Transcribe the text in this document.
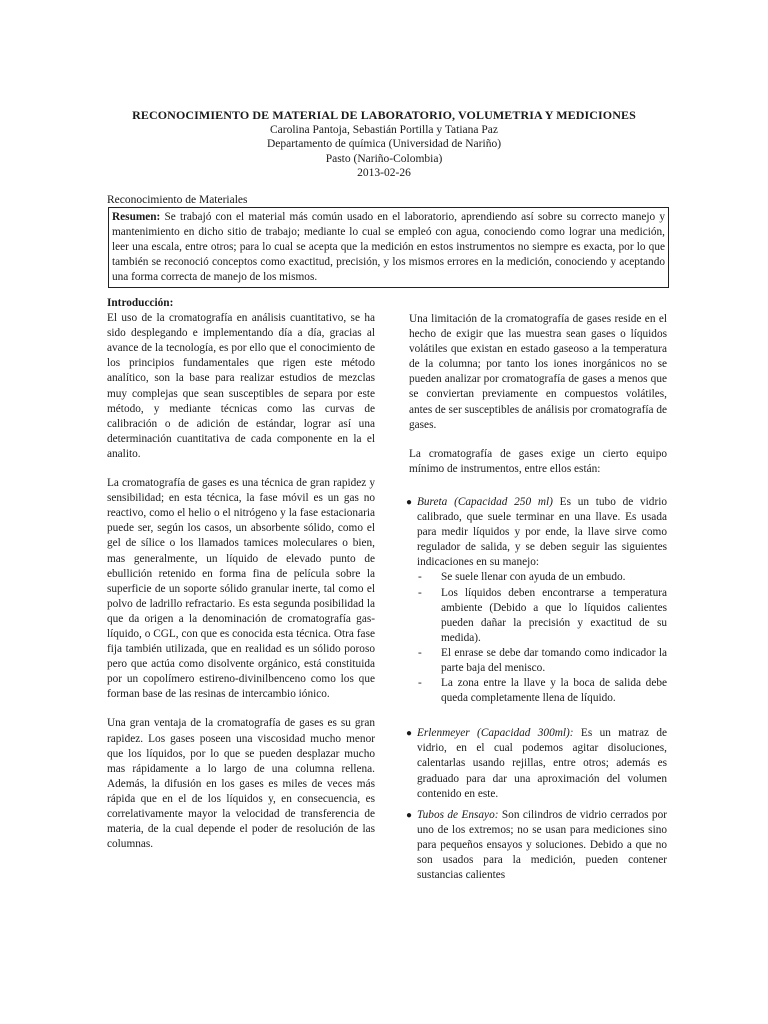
RECONOCIMIENTO DE MATERIAL DE LABORATORIO, VOLUMETRIA Y MEDICIONES
Carolina Pantoja, Sebastián Portilla y Tatiana Paz
Departamento de química (Universidad de Nariño)
Pasto (Nariño-Colombia)
2013-02-26
Reconocimiento de Materiales
Resumen: Se trabajó con el material más común usado en el laboratorio, aprendiendo así sobre su correcto manejo y mantenimiento en dicho sitio de trabajo; mediante lo cual se empleó con agua, conociendo como lograr una medición, leer una escala, entre otros; para lo cual se acepta que la medición en estos instrumentos no siempre es exacta, por lo que también se reconoció conceptos como exactitud, precisión, y los mismos errores en la medición, conociendo y aceptando una forma correcta de manejo de los mismos.
Introducción:

El uso de la cromatografía en análisis cuantitativo, se ha sido desplegando e implementando día a día, gracias al avance de la tecnología, es por ello que el conocimiento de los principios fundamentales que rigen este método analítico, son la base para realizar estudios de mezclas muy complejas que sean susceptibles de separa por este método, y mediante técnicas como las curvas de calibración o de adición de estándar, lograr así una determinación cuantitativa de cada componente en la el analito.

La cromatografía de gases es una técnica de gran rapidez y sensibilidad; en esta técnica, la fase móvil es un gas no reactivo, como el helio o el nitrógeno y la fase estacionaria puede ser, según los casos, un absorbente sólido, como el gel de sílice o los llamados tamices moleculares o bien, mas generalmente, un líquido de elevado punto de ebullición retenido en forma fina de película sobre la superficie de un soporte sólido granular inerte, tal como el polvo de ladrillo refractario. Es esta segunda posibilidad la que da origen a la denominación de cromatografía gas-líquido, o CGL, con que es conocida esta técnica. Otra fase fija también utilizada, que en realidad es un sólido poroso pero que actúa como disolvente orgánico, está constituida por un copolímero estireno-divinilbenceno como los que forman base de las resinas de intercambio iónico.

Una gran ventaja de la cromatografía de gases es su gran rapidez. Los gases poseen una viscosidad mucho menor que los líquidos, por lo que se pueden desplazar mucho mas rápidamente a lo largo de una columna rellena. Además, la difusión en los gases es miles de veces más rápida que en el de los líquidos y, en consecuencia, es correlativamente mayor la velocidad de transferencia de materia, de la cual depende el poder de resolución de las columnas.

Una limitación de la cromatografía de gases reside en el hecho de exigir que las muestra sean gases o líquidos volátiles que existan en estado gaseoso a la temperatura de la columna; por tanto los iones inorgánicos no se pueden analizar por cromatografía de gases a menos que se conviertan previamente en compuestos volátiles, antes de ser susceptibles de análisis por cromatografía de gases.

La cromatografía de gases exige un cierto equipo mínimo de instrumentos, entre ellos están:

● Bureta (Capacidad 250 ml) Es un tubo de vidrio calibrado, que suele terminar en una llave. Es usada para medir líquidos y por ende, la llave sirve como regulador de salida, y se deben seguir las siguientes indicaciones en su manejo:
- Se suele llenar con ayuda de un embudo.
- Los líquidos deben encontrarse a temperatura ambiente (Debido a que lo líquidos calientes pueden dañar la precisión y exactitud de su medida).
- El enrase se debe dar tomando como indicador la parte baja del menisco.
- La zona entre la llave y la boca de salida debe queda completamente llena de líquido.
● Erlenmeyer (Capacidad 300ml): Es un matraz de vidrio, en el cual podemos agitar disoluciones, calentarlas usando rejillas, entre otros; además es graduado para dar una aproximación del volumen contenido en este.
● Tubos de Ensayo: Son cilindros de vidrio cerrados por uno de los extremos; no se usan para mediciones sino para pequeños ensayos y soluciones. Debido a que no son usados para la medición, pueden contener sustancias calientes
